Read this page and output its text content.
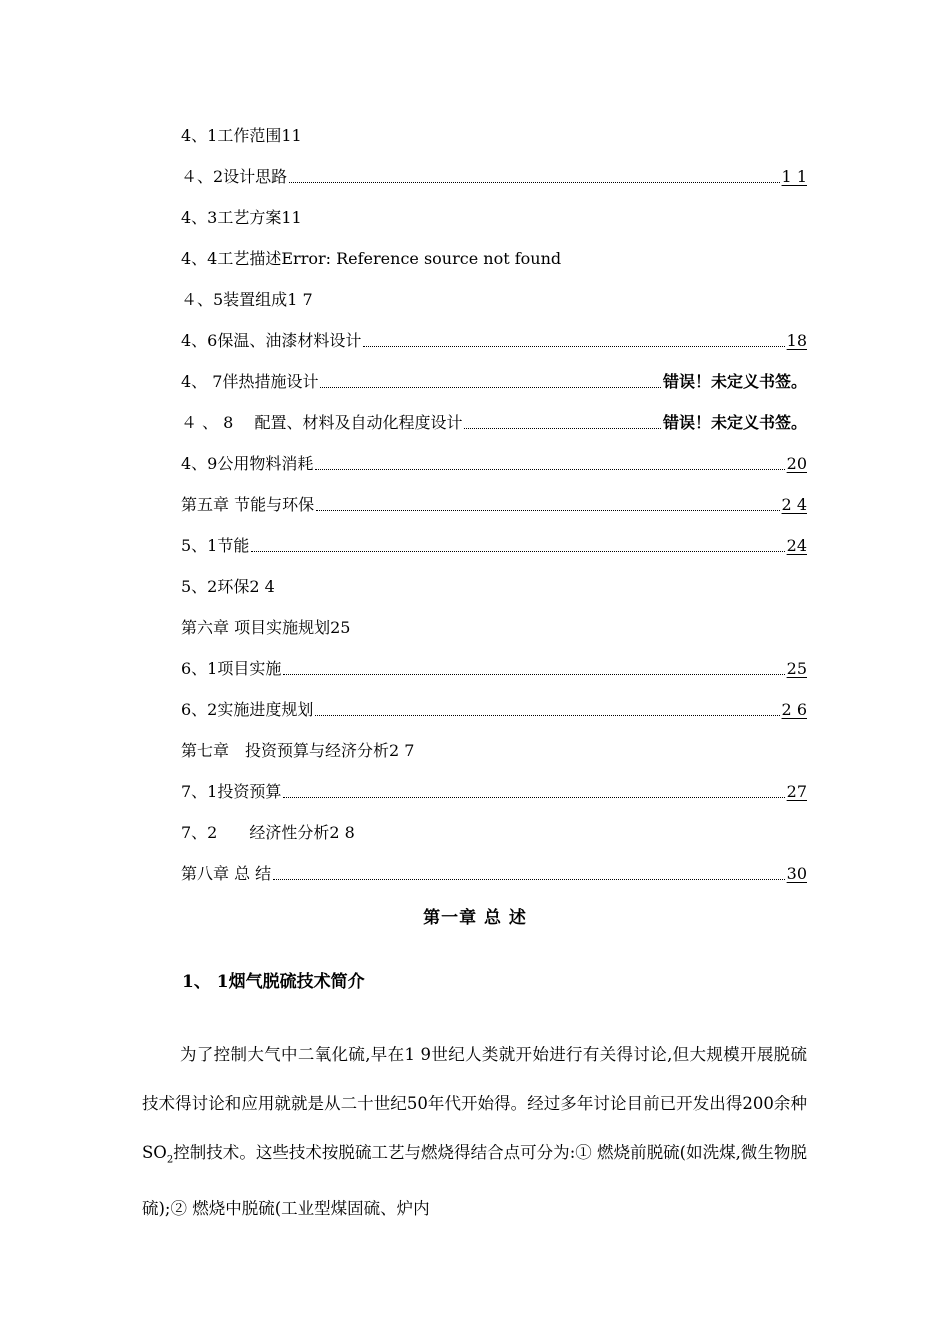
4、1工作范围 11
４、2设计思路	1 1
4、3工艺方案 11
4、4工艺描述 Error: Reference source not found
４、5装置组成 1 7
4、6保温、油漆材料设计	18
4、 7伴热措施设计	错误！未定义书签。
４ 、 8　 配置、材料及自动化程度设计	错误！未定义书签。
4、9公用物料消耗	20
第五章 节能与环保	2 4
5、1节能	24
5、2环保 2 4
第六章 项目实施规划 25
6、1项目实施	25
6、2实施进度规划	2 6
第七章　投资预算与经济分析 2 7
7、1投资预算	27
7、2　　经济性分析 2 8
第八章 总 结	30
第一章 总 述
1、 1烟气脱硫技术简介

为了控制大气中二氧化硫,早在1 9世纪人类就开始进行有关得讨论,但大规模开展脱硫技术得讨论和应用就就是从二十世纪50年代开始得。经过多年讨论目前已开发出得200余种$SO_2$控制技术。这些技术按脱硫工艺与燃烧得结合点可分为:① 燃烧前脱硫(如洗煤,微生物脱硫);② 燃烧中脱硫(工业型煤固硫、炉内
